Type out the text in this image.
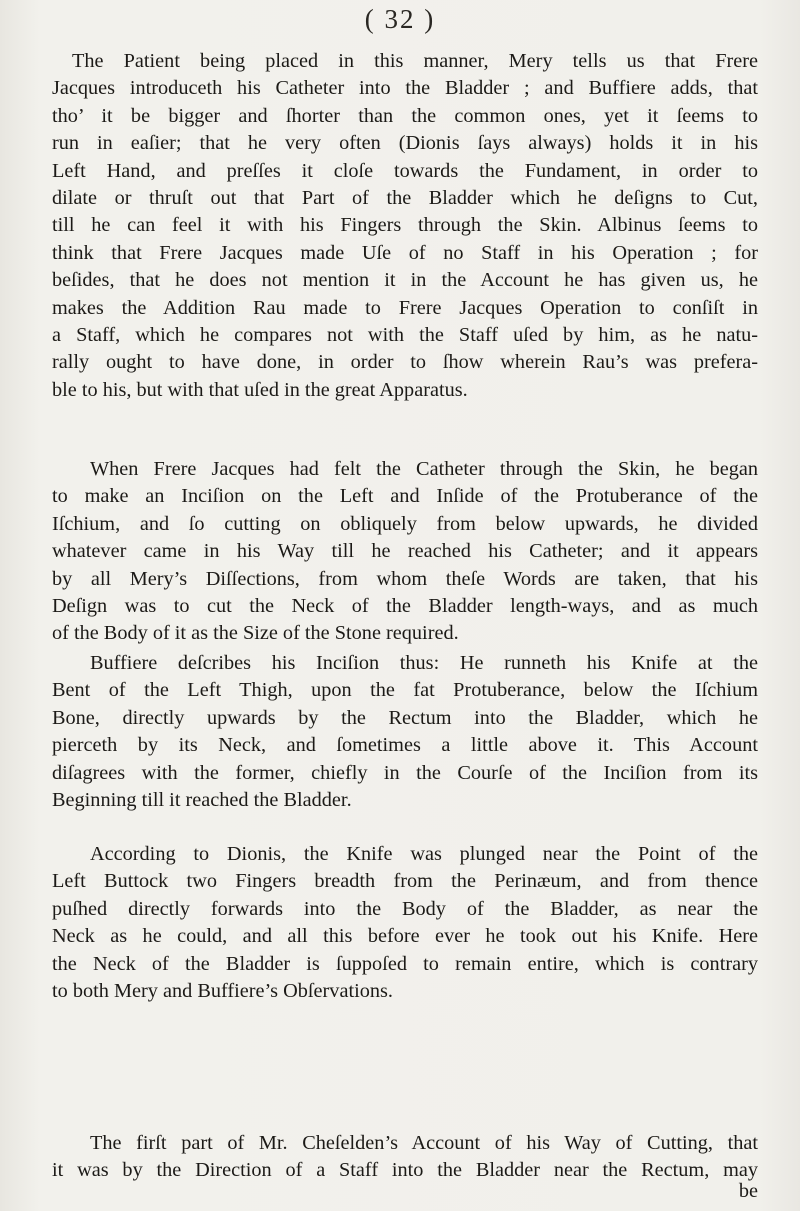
( 32 )
The Patient being placed in this manner, Mery tells us that Frere
Jacques introduceth his Catheter into the Bladder ; and Buffiere adds, that
tho’ it be bigger and ſhorter than the common ones, yet it ſeems to
run in eaſier; that he very often (Dionis ſays always) holds it in his
Left Hand, and preſſes it cloſe towards the Fundament, in order to
dilate or thruſt out that Part of the Bladder which he deſigns to Cut,
till he can feel it with his Fingers through the Skin. Albinus ſeems to
think that Frere Jacques made Uſe of no Staff in his Operation ; for
beſides, that he does not mention it in the Account he has given us, he
makes the Addition Rau made to Frere Jacques Operation to conſiſt in
a Staff, which he compares not with the Staff uſed by him, as he natu-
rally ought to have done, in order to ſhow wherein Rau’s was prefera-
ble to his, but with that uſed in the great Apparatus.
When Frere Jacques had felt the Catheter through the Skin, he began
to make an Inciſion on the Left and Inſide of the Protuberance of the
Iſchium, and ſo cutting on obliquely from below upwards, he divided
whatever came in his Way till he reached his Catheter; and it appears
by all Mery’s Diſſections, from whom theſe Words are taken, that his
Deſign was to cut the Neck of the Bladder length-ways, and as much
of the Body of it as the Size of the Stone required.
Buffiere deſcribes his Inciſion thus: He runneth his Knife at the
Bent of the Left Thigh, upon the fat Protuberance, below the Iſchium
Bone, directly upwards by the Rectum into the Bladder, which he
pierceth by its Neck, and ſometimes a little above it. This Account
diſagrees with the former, chiefly in the Courſe of the Inciſion from its
Beginning till it reached the Bladder.
According to Dionis, the Knife was plunged near the Point of the
Left Buttock two Fingers breadth from the Perinæum, and from thence
puſhed directly forwards into the Body of the Bladder, as near the
Neck as he could, and all this before ever he took out his Knife. Here
the Neck of the Bladder is ſuppoſed to remain entire, which is contrary
to both Mery and Buffiere’s Obſervations.
The firſt part of Mr. Cheſelden’s Account of his Way of Cutting, that
it was by the Direction of a Staff into the Bladder near the Rectum, may
be
